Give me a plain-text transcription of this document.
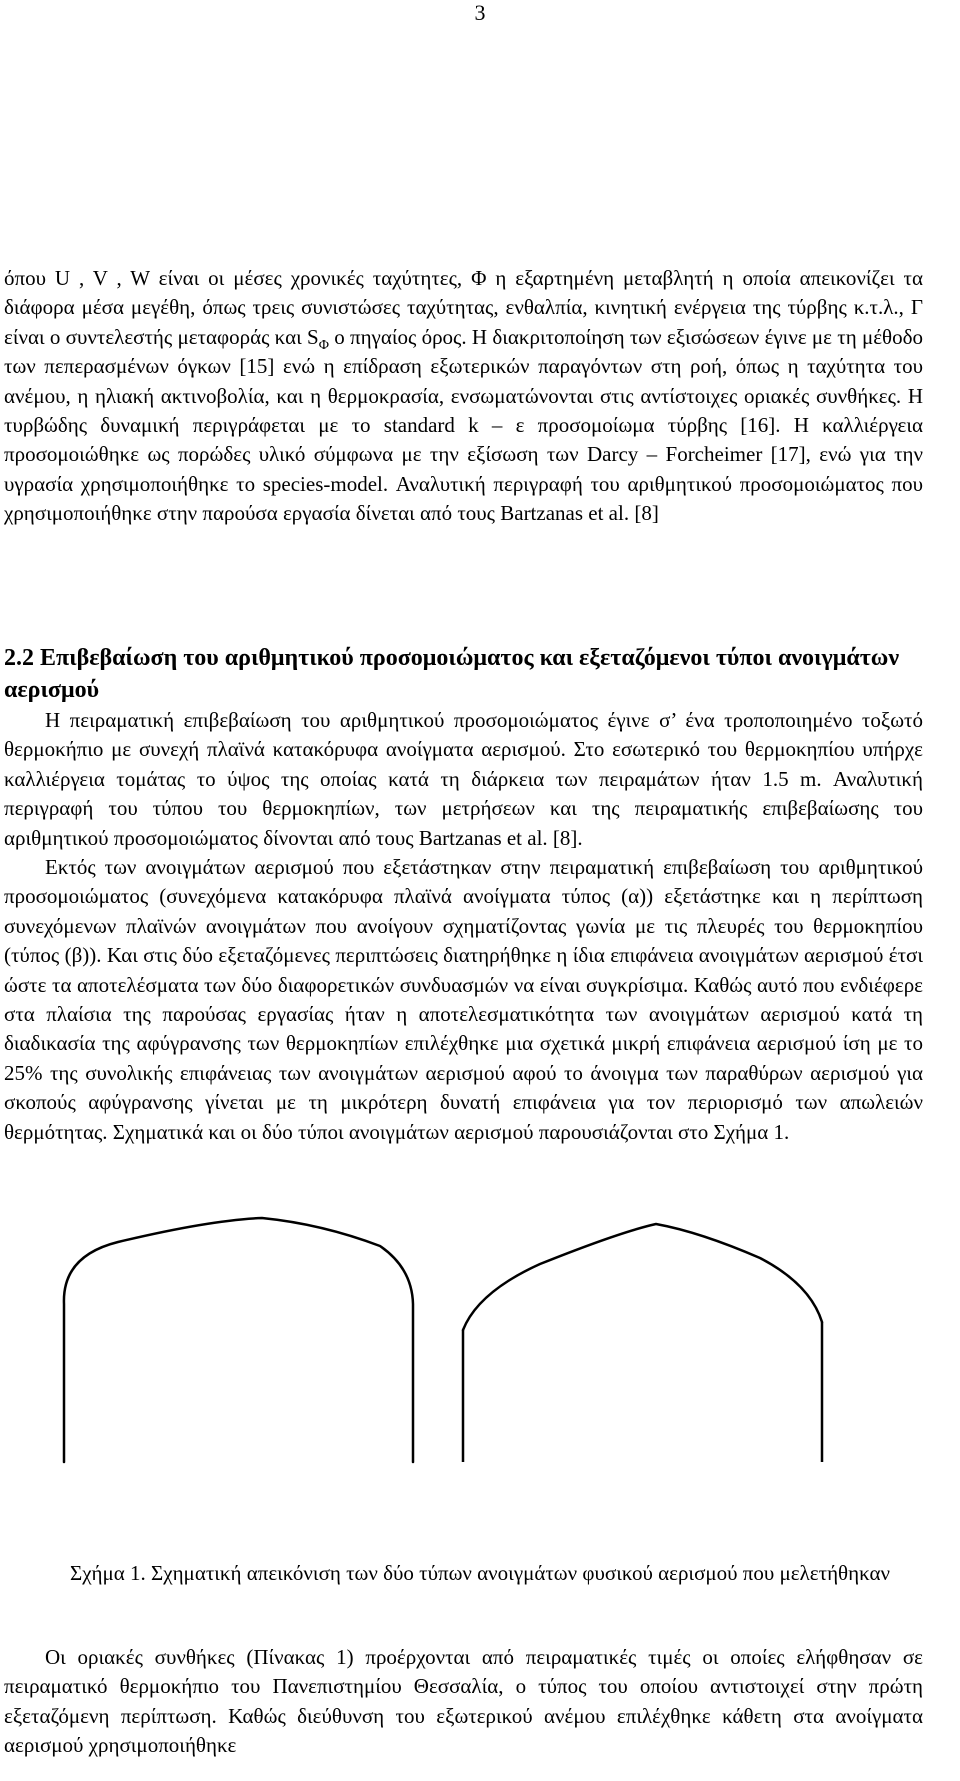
3

όπου U , V , W είναι οι μέσες χρονικές ταχύτητες, Φ η εξαρτημένη μεταβλητή η οποία απεικονίζει τα διάφορα μέσα μεγέθη, όπως τρεις συνιστώσες ταχύτητας, ενθαλπία, κινητική ενέργεια της τύρβης κ.τ.λ., Γ είναι ο συντελεστής μεταφοράς και $S_\Phi$ ο πηγαίος όρος. Η διακριτοποίηση των εξισώσεων έγινε με τη μέθοδο των πεπερασμένων όγκων [15] ενώ η επίδραση εξωτερικών παραγόντων στη ροή, όπως η ταχύτητα του ανέμου, η ηλιακή ακτινοβολία, και η θερμοκρασία, ενσωματώνονται στις αντίστοιχες οριακές συνθήκες. Η τυρβώδης δυναμική περιγράφεται με το standard k – ε προσομοίωμα τύρβης [16]. Η καλλιέργεια προσομοιώθηκε ως πορώδες υλικό σύμφωνα με την εξίσωση των Darcy – Forcheimer [17], ενώ για την υγρασία χρησιμοποιήθηκε το species-model. Αναλυτική περιγραφή του αριθμητικού προσομοιώματος που χρησιμοποιήθηκε στην παρούσα εργασία δίνεται από τους Bartzanas et al. [8]

2.2 Επιβεβαίωση του αριθμητικού προσομοιώματος και εξεταζόμενοι τύποι ανοιγμάτων αερισμού

Η πειραματική επιβεβαίωση του αριθμητικού προσομοιώματος έγινε σ’ ένα τροποποιημένο τοξωτό θερμοκήπιο με συνεχή πλαϊνά κατακόρυφα ανοίγματα αερισμού. Στο εσωτερικό του θερμοκηπίου υπήρχε καλλιέργεια τομάτας το ύψος της οποίας κατά τη διάρκεια των πειραμάτων ήταν 1.5 m. Αναλυτική περιγραφή του τύπου του θερμοκηπίων, των μετρήσεων και της πειραματικής επιβεβαίωσης του αριθμητικού προσομοιώματος δίνονται από τους Bartzanas et al. [8].

Εκτός των ανοιγμάτων αερισμού που εξετάστηκαν στην πειραματική επιβεβαίωση του αριθμητικού προσομοιώματος (συνεχόμενα κατακόρυφα πλαϊνά ανοίγματα τύπος (α)) εξετάστηκε και η περίπτωση συνεχόμενων πλαϊνών ανοιγμάτων που ανοίγουν σχηματίζοντας γωνία με τις πλευρές του θερμοκηπίου (τύπος (β)). Και στις δύο εξεταζόμενες περιπτώσεις διατηρήθηκε η ίδια επιφάνεια ανοιγμάτων αερισμού έτσι ώστε τα αποτελέσματα των δύο διαφορετικών συνδυασμών να είναι συγκρίσιμα. Καθώς αυτό που ενδιέφερε στα πλαίσια της παρούσας εργασίας ήταν η αποτελεσματικότητα των ανοιγμάτων αερισμού κατά τη διαδικασία της αφύγρανσης των θερμοκηπίων επιλέχθηκε μια σχετικά μικρή επιφάνεια αερισμού ίση με το 25% της συνολικής επιφάνειας των ανοιγμάτων αερισμού αφού το άνοιγμα των παραθύρων αερισμού για σκοπούς αφύγρανσης γίνεται με τη μικρότερη δυνατή επιφάνεια για τον περιορισμό των απωλειών θερμότητας. Σχηματικά και οι δύο τύποι ανοιγμάτων αερισμού παρουσιάζονται στο Σχήμα 1.

Σχήμα 1. Σχηματική απεικόνιση των δύο τύπων ανοιγμάτων φυσικού αερισμού που μελετήθηκαν

Οι οριακές συνθήκες (Πίνακας 1) προέρχονται από πειραματικές τιμές οι οποίες ελήφθησαν σε πειραματικό θερμοκήπιο του Πανεπιστημίου Θεσσαλία, ο τύπος του οποίου αντιστοιχεί στην πρώτη εξεταζόμενη περίπτωση. Καθώς διεύθυνση του εξωτερικού ανέμου επιλέχθηκε κάθετη στα ανοίγματα αερισμού χρησιμοποιήθηκε
